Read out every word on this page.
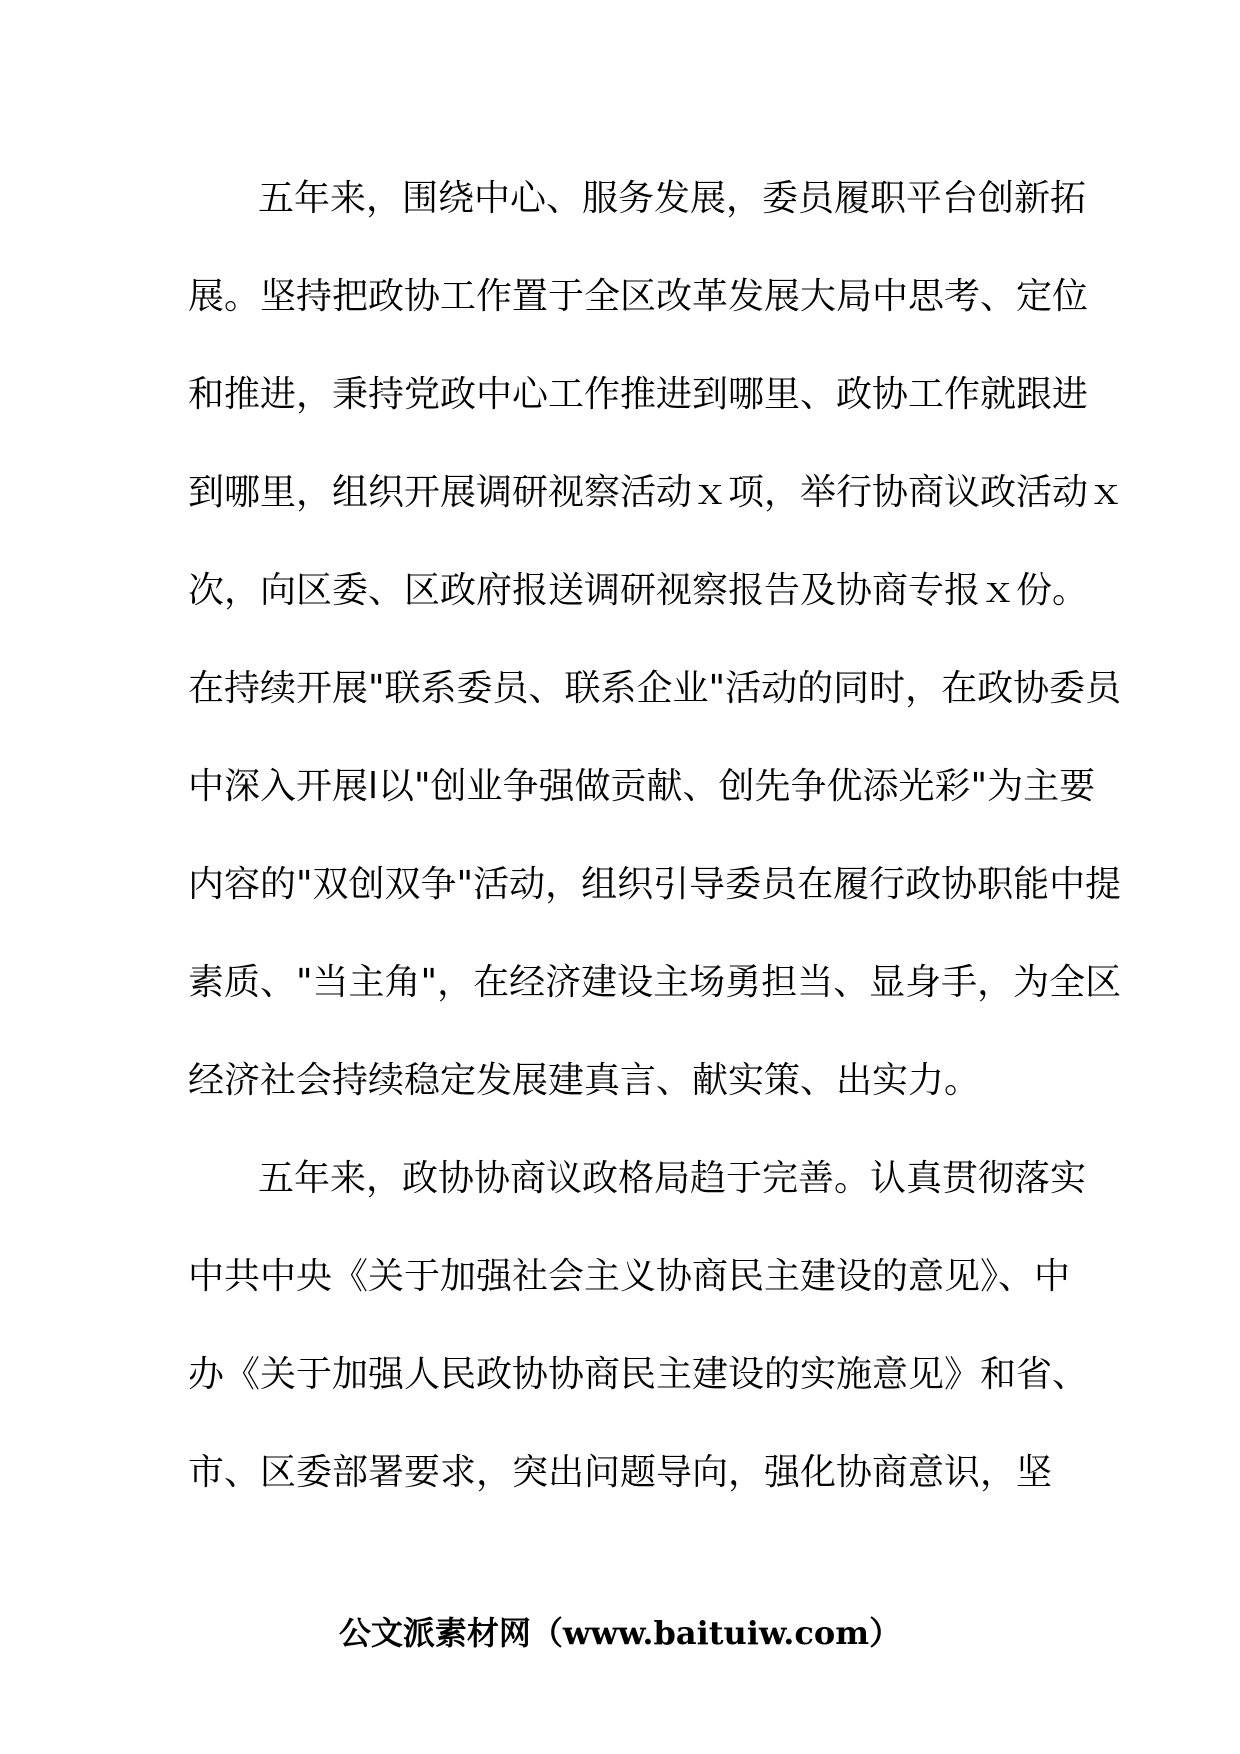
五年来，围绕中心、服务发展，委员履职平台创新拓
展。坚持把政协工作置于全区改革发展大局中思考、定位
和推进，秉持党政中心工作推进到哪里、政协工作就跟进
到哪里，组织开展调研视察活动ｘ项，举行协商议政活动ｘ
次，向区委、区政府报送调研视察报告及协商专报ｘ份。
在持续开展"联系委员、联系企业"活动的同时，在政协委员
中深入开展l以"创业争强做贡献、创先争优添光彩"为主要
内容的"双创双争"活动，组织引导委员在履行政协职能中提
素质、"当主角"，在经济建设主场勇担当、显身手，为全区
经济社会持续稳定发展建真言、献实策、出实力。
五年来，政协协商议政格局趋于完善。认真贯彻落实
中共中央《关于加强社会主义协商民主建设的意见》、中
办《关于加强人民政协协商民主建设的实施意见》和省、
市、区委部署要求，突出问题导向，强化协商意识，坚
公文派素材网（www.baituiw.com）
